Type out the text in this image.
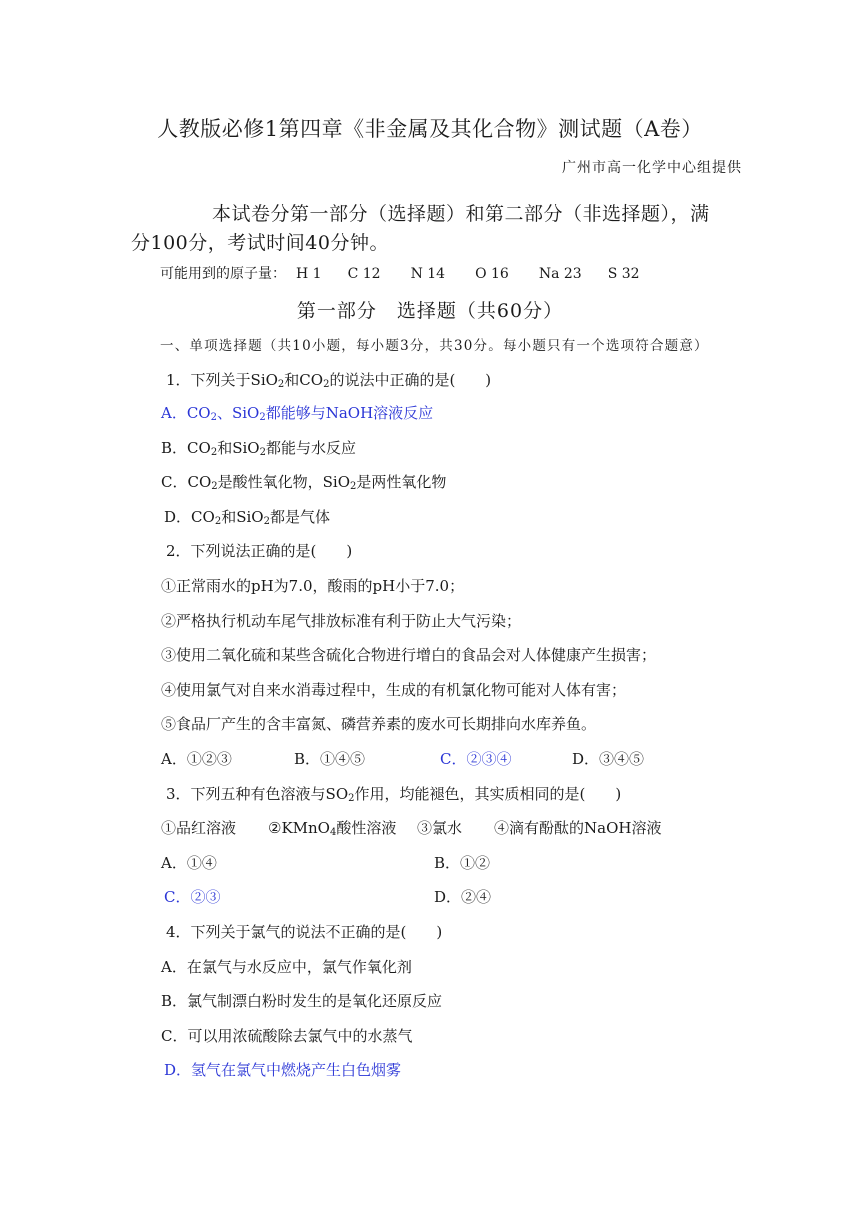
人教版必修1第四章《非金属及其化合物》测试题（A卷）
广州市高一化学中心组提供
本试卷分第一部分（选择题）和第二部分（非选择题），满
分100分，考试时间40分钟。
可能用到的原子量： H 1 C 12 N 14 O 16 Na 23 S 32
第一部分　选择题（共60分）
一、单项选择题（共10小题，每小题3分，共30分。每小题只有一个选项符合题意）
1．下列关于SiO$_2$和$CO_2$的说法中正确的是(　　)
A．$CO_2$、SiO$_2$都能够与NaOH溶液反应
B．$CO_2$和SiO$_2$都能与水反应
C．$CO_2$是酸性氧化物，SiO$_2$是两性氧化物
D．$CO_2$和SiO$_2$都是气体
2．下列说法正确的是(　　)
①正常雨水的pH为7.0，酸雨的pH小于7.0；
②严格执行机动车尾气排放标准有利于防止大气污染；
③使用二氧化硫和某些含硫化合物进行增白的食品会对人体健康产生损害；
④使用氯气对自来水消毒过程中，生成的有机氯化物可能对人体有害；
⑤食品厂产生的含丰富氮、磷营养素的废水可长期排向水库养鱼。
A．①②③	B．①④⑤	C．②③④	D．③④⑤
3．下列五种有色溶液与$SO_2$作用，均能褪色，其实质相同的是(　　)
①品红溶液 ②KMnO$_4$酸性溶液 ③氯水 ④滴有酚酞的NaOH溶液
A．①④	B．①②
C．②③	D．②④
4．下列关于氯气的说法不正确的是(　　)
A．在氯气与水反应中，氯气作氧化剂
B．氯气制漂白粉时发生的是氧化还原反应
C．可以用浓硫酸除去氯气中的水蒸气
D．氢气在氯气中燃烧产生白色烟雾
